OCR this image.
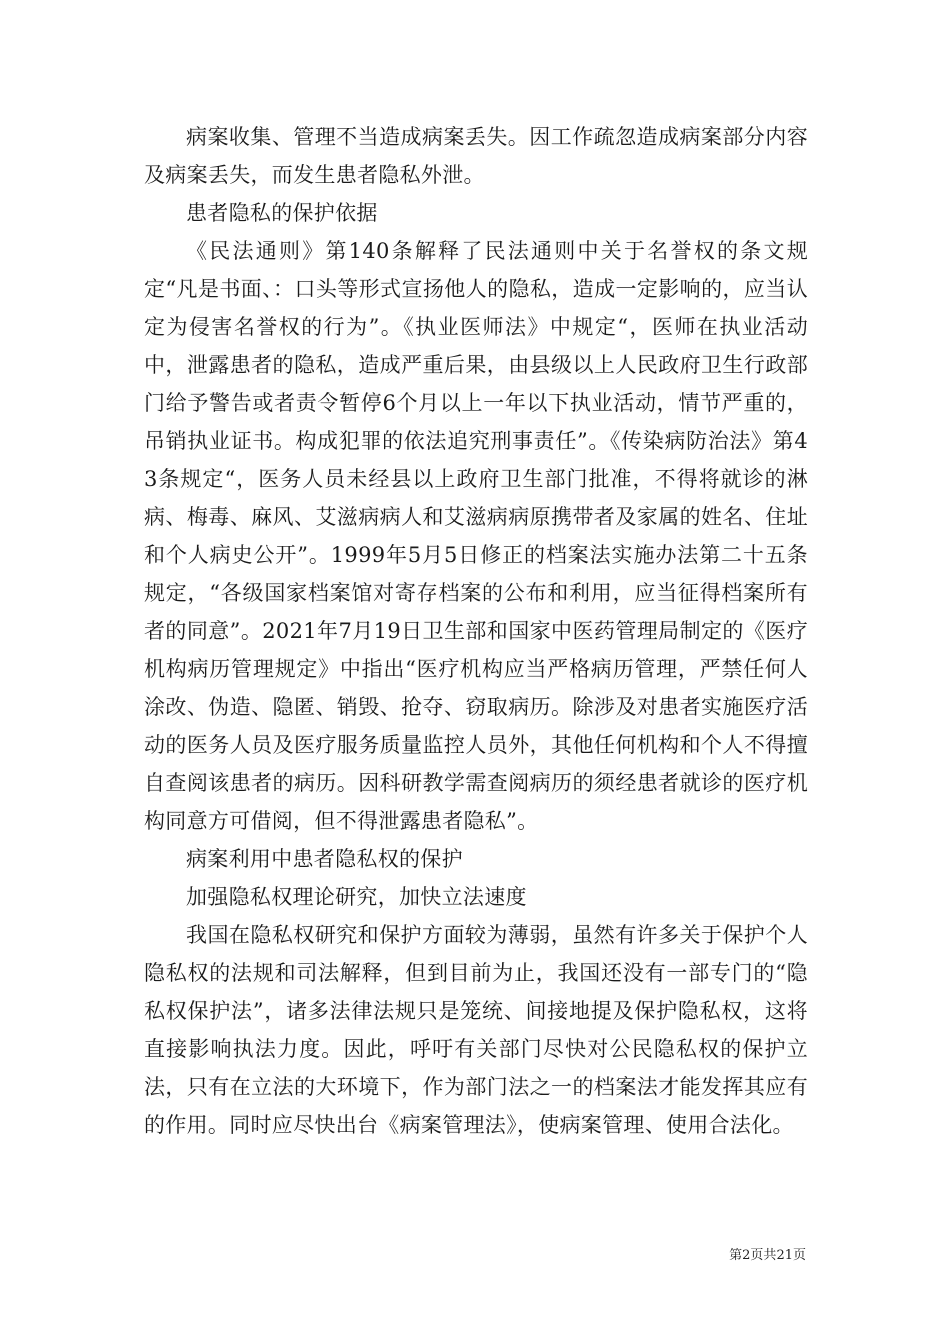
病案收集、管理不当造成病案丢失。因工作疏忽造成病案部分内容及病案丢失，而发生患者隐私外泄。

患者隐私的保护依据

《民法通则》第140条解释了民法通则中关于名誉权的条文规定“凡是书面、：口头等形式宣扬他人的隐私，造成一定影响的，应当认定为侵害名誉权的行为”。《执业医师法》中规定“，医师在执业活动中，泄露患者的隐私，造成严重后果，由县级以上人民政府卫生行政部门给予警告或者责令暂停6个月以上一年以下执业活动，情节严重的，吊销执业证书。构成犯罪的依法追究刑事责任”。《传染病防治法》第43条规定“，医务人员未经县以上政府卫生部门批准，不得将就诊的淋病、梅毒、麻风、艾滋病病人和艾滋病病原携带者及家属的姓名、住址和个人病史公开”。1999年5月5日修正的档案法实施办法第二十五条规定，“各级国家档案馆对寄存档案的公布和利用，应当征得档案所有者的同意”。2021年7月19日卫生部和国家中医药管理局制定的《医疗机构病历管理规定》中指出“医疗机构应当严格病历管理，严禁任何人涂改、伪造、隐匿、销毁、抢夺、窃取病历。除涉及对患者实施医疗活动的医务人员及医疗服务质量监控人员外，其他任何机构和个人不得擅自查阅该患者的病历。因科研教学需查阅病历的须经患者就诊的医疗机构同意方可借阅，但不得泄露患者隐私”。

病案利用中患者隐私权的保护

加强隐私权理论研究，加快立法速度

我国在隐私权研究和保护方面较为薄弱，虽然有许多关于保护个人隐私权的法规和司法解释，但到目前为止，我国还没有一部专门的“隐私权保护法”，诸多法律法规只是笼统、间接地提及保护隐私权，这将直接影响执法力度。因此，呼吁有关部门尽快对公民隐私权的保护立法，只有在立法的大环境下，作为部门法之一的档案法才能发挥其应有的作用。同时应尽快出台《病案管理法》，使病案管理、使用合法化。

第2页共21页
